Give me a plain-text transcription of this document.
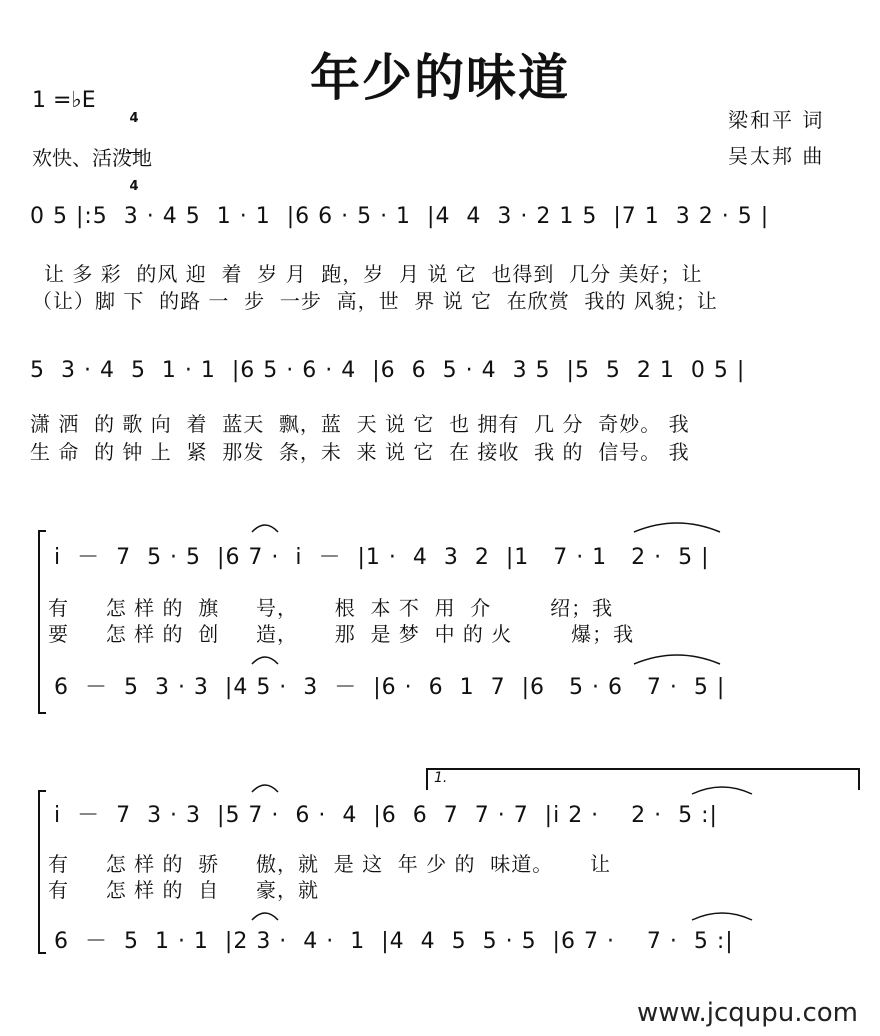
年少的味道
1 =♭E

4

4

欢快、活泼地
梁和平 词
吴太邦 曲
0 5 |:5  3 · 4 5  1 · 1  |6 6 · 5 · 1  |4  4  3 · 2 1 5  |7 1  3 2 · 5 |
让 多 彩  的风 迎  着  岁 月  跑，岁  月 说 它  也得到  几分 美好；让
（让）脚 下  的路 一  步  一步  高，世  界 说 它  在欣赏  我的 风貌；让
5  3 · 4  5  1 · 1  |6 5 · 6 · 4  |6  6  5 · 4  3 5  |5  5  2 1  0 5 |
潇 洒  的 歌 向  着  蓝天  飘，蓝  天 说 它  也 拥有  几 分  奇妙。 我
生 命  的 钟 上  紧  那发  条，未  来 说 它  在 接收  我 的  信号。 我
i  －  7  5 · 5  |6 7 ·  i  －  |1 ·  4  3  2  |1   7 · 1   2 ·  5 |
有     怎 样 的  旗     号，     根  本 不  用  介        绍；我
要     怎 样 的  创     造，     那  是 梦  中 的 火        爆；我
6  －  5  3 · 3  |4 5 ·  3  －  |6 ·  6  1  7  |6   5 · 6   7 ·  5 |
1.
i  －  7  3 · 3  |5 7 ·  6 ·  4  |6  6  7  7 · 7  |i 2 ·    2 ·  5 :|
有     怎 样 的  骄     傲，就  是 这  年 少 的  味道。     让
有     怎 样 的  自     豪，就
6  －  5  1 · 1  |2 3 ·  4 ·  1  |4  4  5  5 · 5  |6 7 ·    7 ·  5 :|
www.jcqupu.com
